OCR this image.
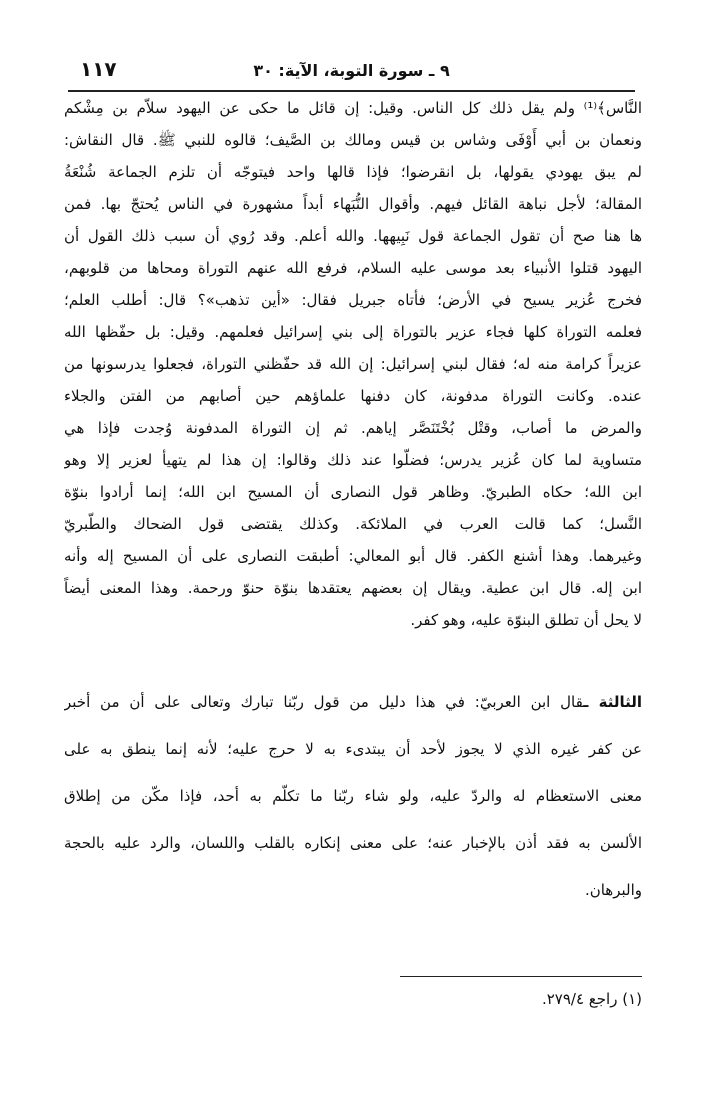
١١٧	٩ ـ سورة التوبة، الآية: ٣٠
النَّاس﴾⁽¹⁾ ولم يقل ذلك كل الناس. وقيل: إن قائل ما حكى عن اليهود سلاّم بن مِشْكم
ونعمان بن أبي أَوْفَى وشاس بن قيس ومالك بن الصَّيف؛ قالوه للنبي ﷺ. قال النقاش:
لم يبق يهودي يقولها، بل انقرضوا؛ فإذا قالها واحد فيتوجّه أن تلزم الجماعة شُنْعَةُ
المقالة؛ لأجل نباهة القائل فيهم. وأقوال النُّبَهاء أبداً مشهورة في الناس يُحتجّ بها. فمن
ها هنا صح أن تقول الجماعة قول نَبِيهها. والله أعلم. وقد رُوي أن سبب ذلك القول أن
اليهود قتلوا الأنبياء بعد موسى عليه السلام، فرفع الله عنهم التوراة ومحاها من قلوبهم،
فخرج عُزير يسيح في الأرض؛ فأتاه جبريل فقال: «أين تذهب»؟ قال: أطلب العلم؛
فعلمه التوراة كلها فجاء عزير بالتوراة إلى بني إسرائيل فعلمهم. وقيل: بل حفّظها الله
عزيراً كرامة منه له؛ فقال لبني إسرائيل: إن الله قد حفّظني التوراة، فجعلوا يدرسونها من
عنده. وكانت التوراة مدفونة، كان دفنها علماؤهم حين أصابهم من الفتن والجلاء
والمرض ما أصاب، وقتْل بُخْتَنَصَّر إياهم. ثم إن التوراة المدفونة وُجدت فإذا هي
متساوية لما كان عُزير يدرس؛ فضلّوا عند ذلك وقالوا: إن هذا لم يتهيأ لعزير إلا وهو
ابن الله؛ حكاه الطبريّ. وظاهر قول النصارى أن المسيح ابن الله؛ إنما أرادوا بنوّة
النَّسل؛ كما قالت العرب في الملائكة. وكذلك يقتضى قول الضحاك والطّبريّ
وغيرهما. وهذا أشنع الكفر. قال أبو المعالي: أطبقت النصارى على أن المسيح إله وأنه
ابن إله. قال ابن عطية. ويقال إن بعضهم يعتقدها بنوّة حنوّ ورحمة. وهذا المعنى أيضاً
لا يحل أن تطلق البنوّة عليه، وهو كفر.
الثالثة ـقال ابن العربيّ: في هذا دليل من قول ربّنا تبارك وتعالى على أن من أخبر
عن كفر غيره الذي لا يجوز لأحد أن يبتدىء به لا حرج عليه؛ لأنه إنما ينطق به على
معنى الاستعظام له والردّ عليه، ولو شاء ربّنا ما تكلّم به أحد، فإذا مكّن من إطلاق
الألسن به فقد أذن بالإخبار عنه؛ على معنى إنكاره بالقلب واللسان، والرد عليه بالحجة
والبرهان.
(١) راجع ٢٧٩/٤.
